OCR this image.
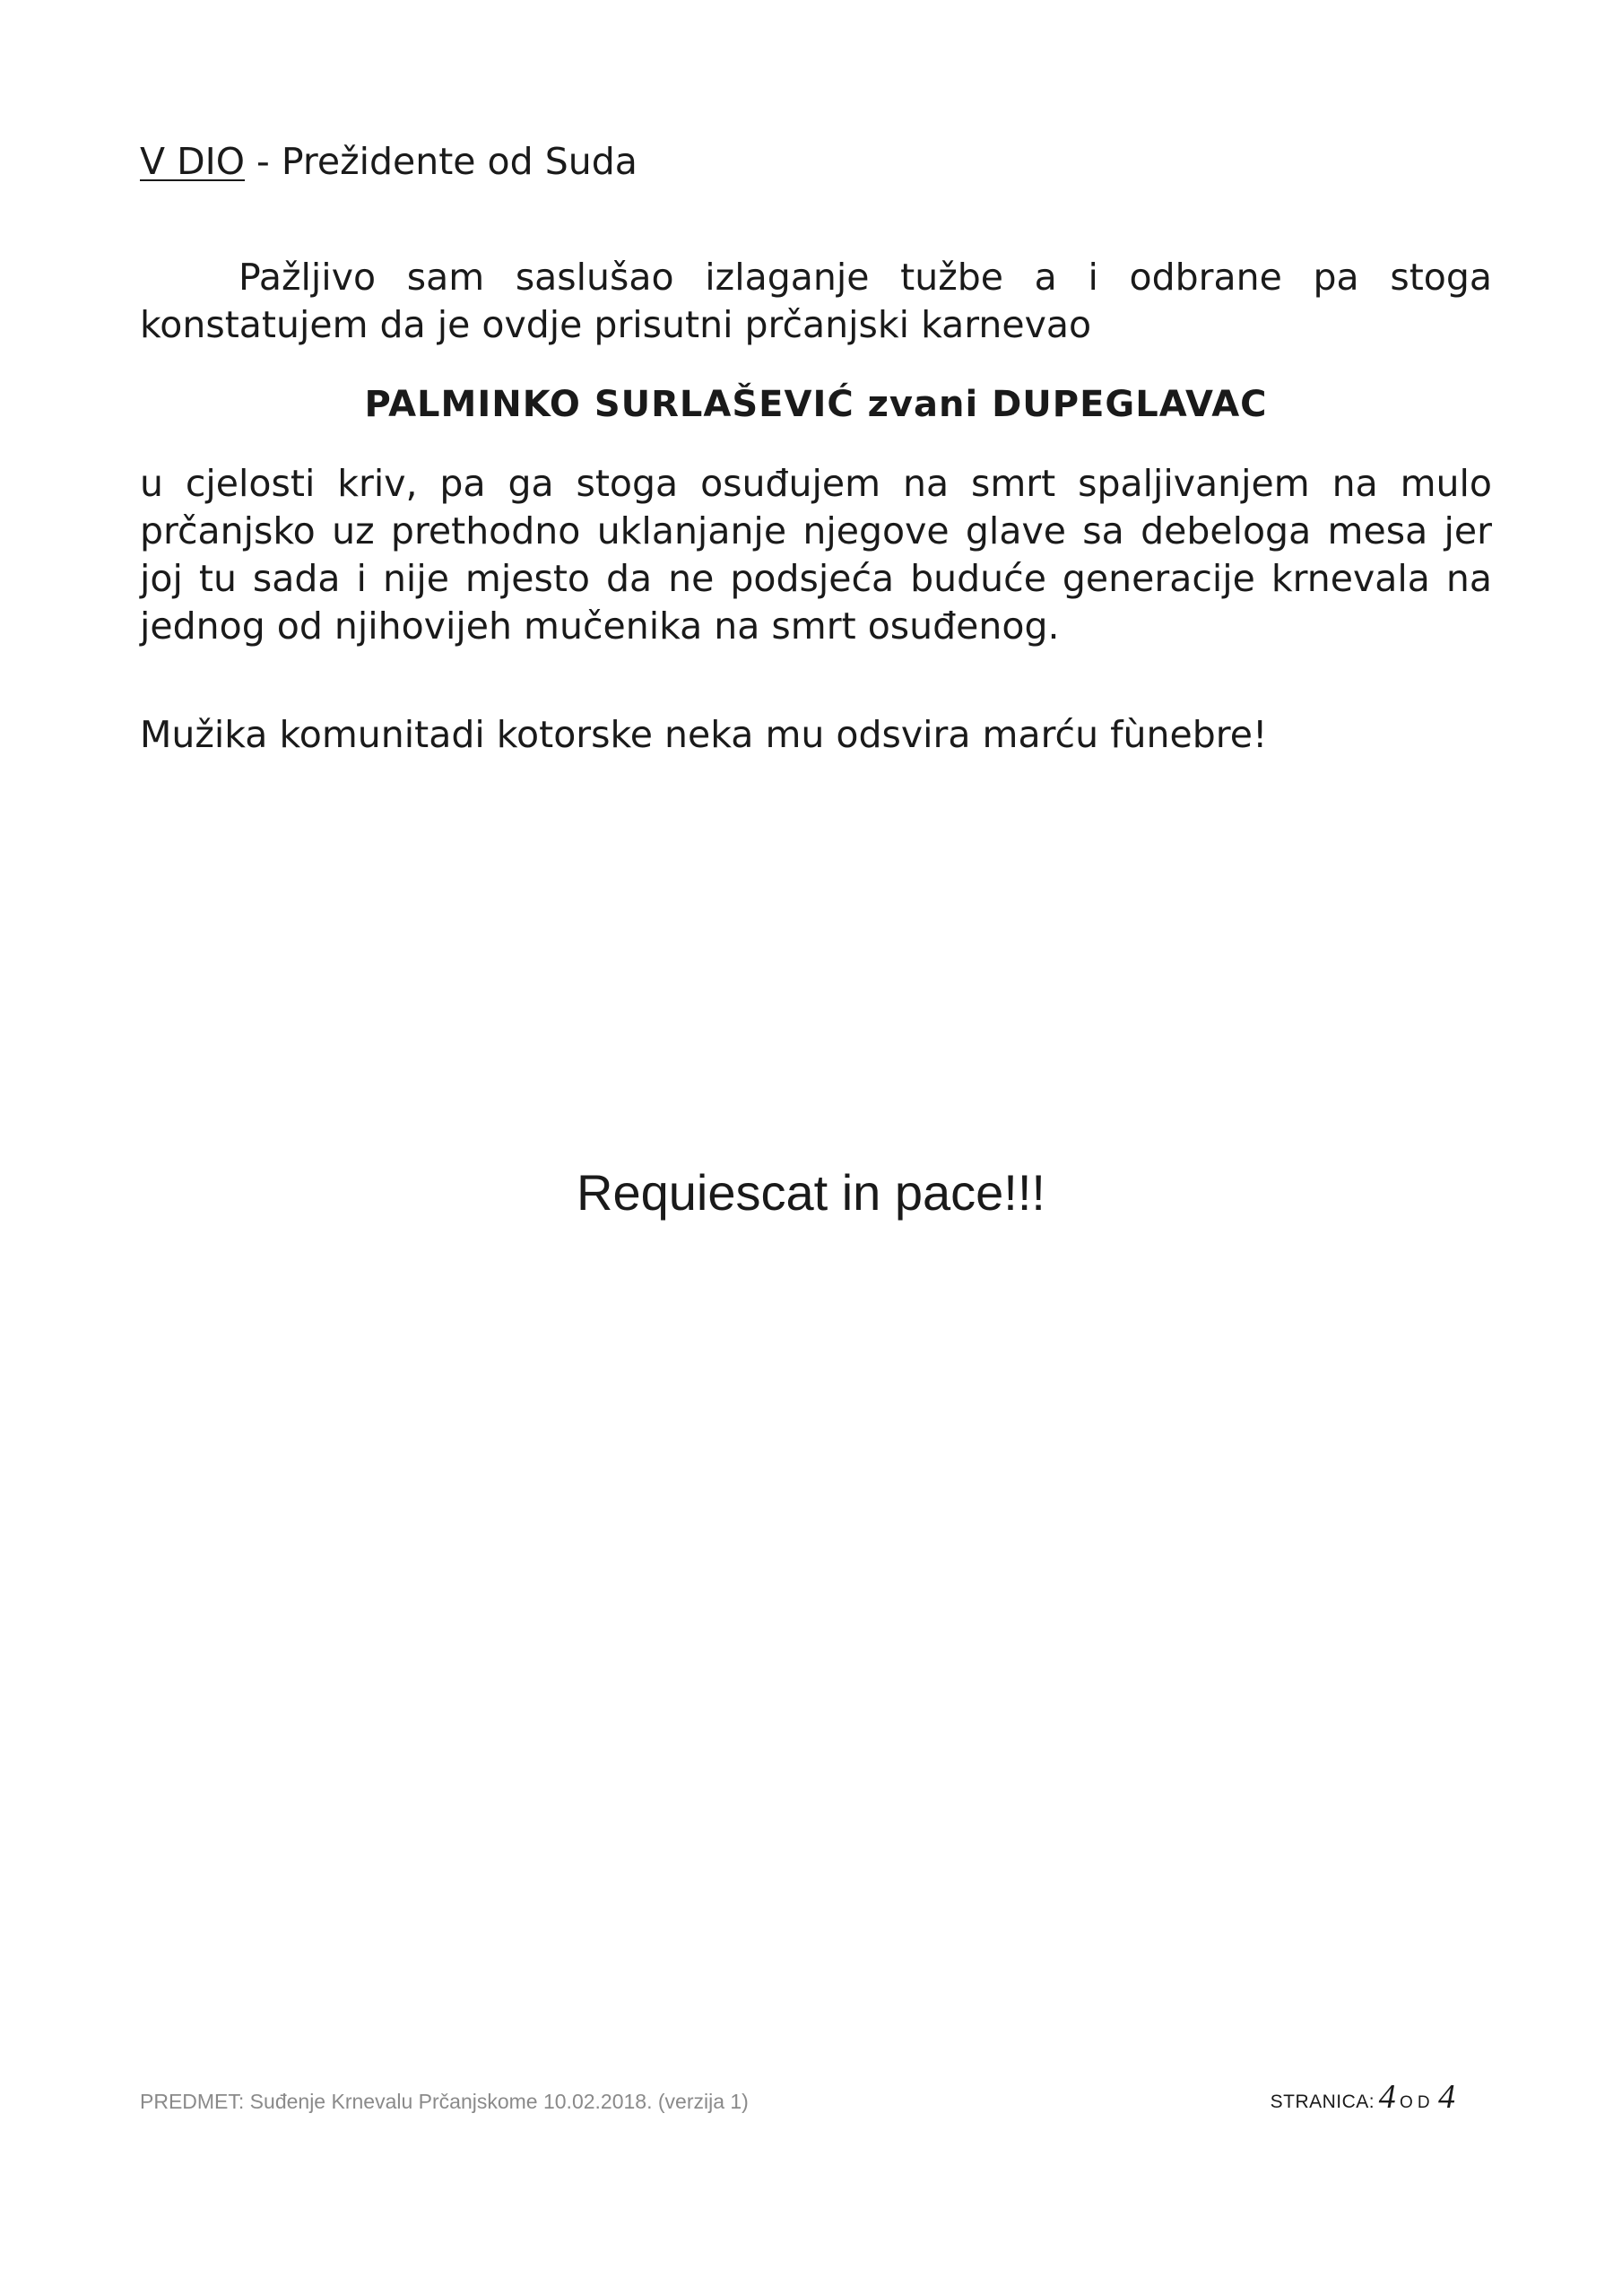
V DIO - Prežidente od Suda
Pažljivo sam saslušao izlaganje tužbe a i odbrane pa stoga konstatujem da je ovdje prisutni prčanjski karnevao
PALMINKO SURLAŠEVIĆ zvani DUPEGLAVAC
u cjelosti kriv, pa ga stoga osuđujem na smrt spaljivanjem na mulo prčanjsko uz prethodno uklanjanje njegove glave sa debeloga mesa jer joj tu sada i nije mjesto da ne podsjeća buduće generacije krnevala na jednog od njihovijeh mučenika na smrt osuđenog.
Mužika komunitadi kotorske neka mu odsvira marću fùnebre!
Requiescat in pace!!!
PREDMET: Suđenje Krnevalu Prčanjskome 10.02.2018. (verzija 1)	STRANICA: 4 OD 4
